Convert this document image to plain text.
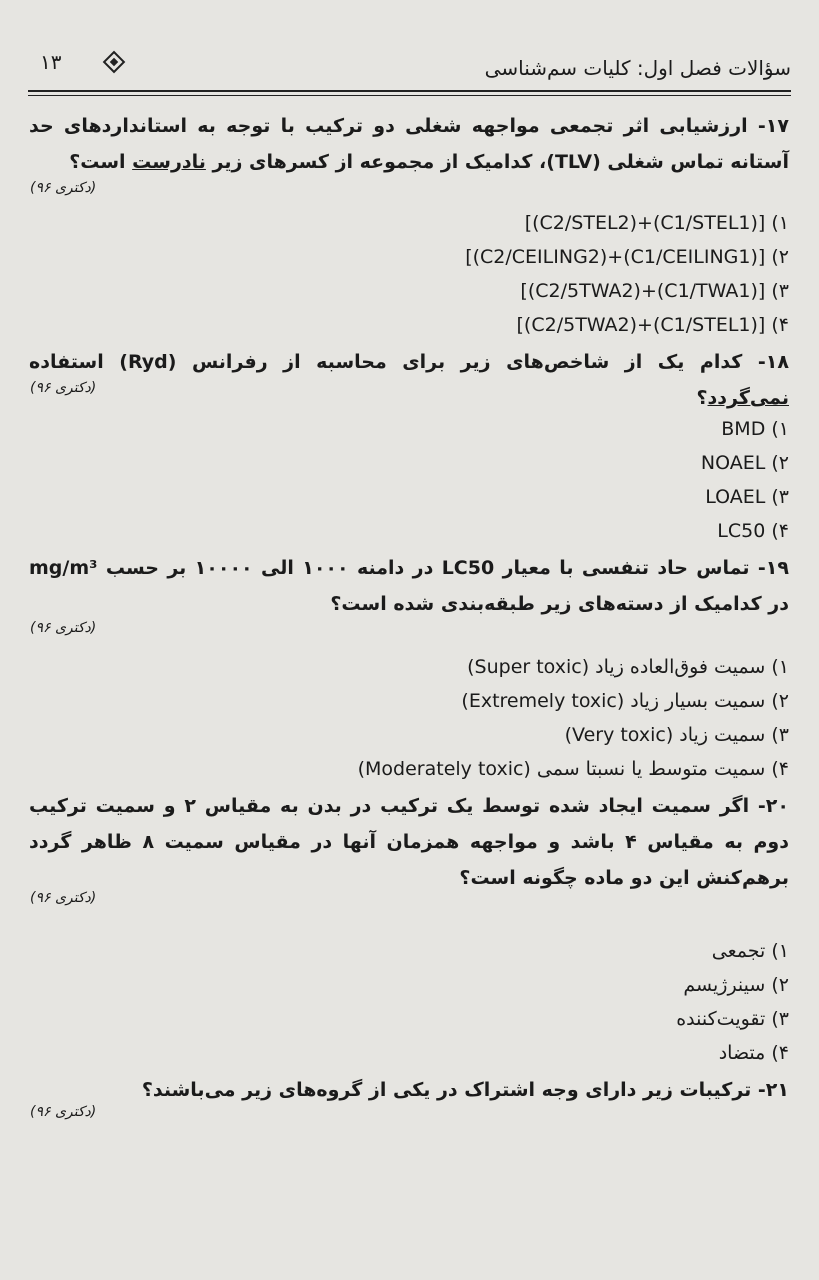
۱۳	سؤالات فصل اول: کلیات سم‌شناسی
۱۷- ارزشیابی اثر تجمعی مواجهه شغلی دو ترکیب با توجه به استانداردهای حد آستانه تماس شغلی (TLV)، کدامیک از مجموعه از کسرهای زیر نادرست است؟
(دکتری ۹۶)
۱) [(C1/STEL1)+(C2/STEL2)]
۲) [(C1/CEILING1)+(C2/CEILING2)]
۳) [(C1/TWA1)+(C2/5TWA2)]
۴) [(C1/STEL1)+(C2/5TWA2)]
۱۸- کدام یک از شاخص‌های زیر برای محاسبه از رفرانس (Ryd) استفاده نمی‌گردد؟
(دکتری ۹۶)
۱) BMD
۲) NOAEL
۳) LOAEL
۴) LC50
۱۹- تماس حاد تنفسی با معیار LC50 در دامنه ۱۰۰۰ الی ۱۰۰۰۰ بر حسب mg/m³ در کدامیک از دسته‌های زیر طبقه‌بندی شده است؟
(دکتری ۹۶)
۱) سمیت فوق‌العاده زیاد (Super toxic)
۲) سمیت بسیار زیاد (Extremely toxic)
۳) سمیت زیاد (Very toxic)
۴) سمیت متوسط یا نسبتا سمی (Moderately toxic)
۲۰- اگر سمیت ایجاد شده توسط یک ترکیب در بدن به مقیاس ۲ و سمیت ترکیب دوم به مقیاس ۴ باشد و مواجهه همزمان آنها در مقیاس سمیت ۸ ظاهر گردد برهم‌کنش این دو ماده چگونه است؟
(دکتری ۹۶)
۱) تجمعی
۲) سینرژیسم
۳) تقویت‌کننده
۴) متضاد
۲۱- ترکیبات زیر دارای وجه اشتراک در یکی از گروه‌های زیر می‌باشند؟
(دکتری ۹۶)
